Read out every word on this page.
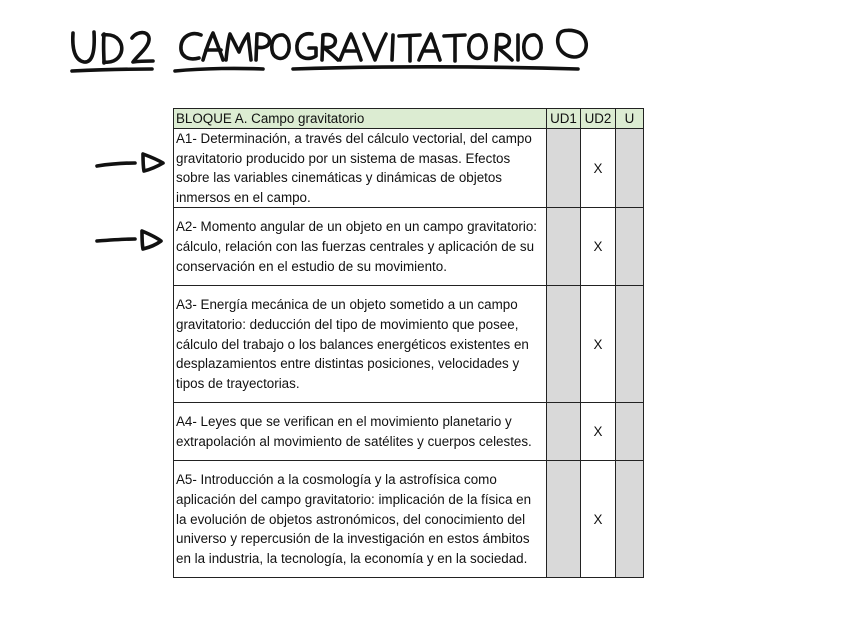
BLOQUE A. Campo gravitatorio	UD1	UD2	U
A1- Determinación, a través del cálculo vectorial, del campo gravitatorio producido por un sistema de masas. Efectos sobre las variables cinemáticas y dinámicas de objetos inmersos en el campo.		X	
A2- Momento angular de un objeto en un campo gravitatorio: cálculo, relación con las fuerzas centrales y aplicación de su conservación en el estudio de su movimiento.		X	
A3- Energía mecánica de un objeto sometido a un campo gravitatorio: deducción del tipo de movimiento que posee, cálculo del trabajo o los balances energéticos existentes en desplazamientos entre distintas posiciones, velocidades y tipos de trayectorias.		X	
A4- Leyes que se verifican en el movimiento planetario y extrapolación al movimiento de satélites y cuerpos celestes.		X	
A5- Introducción a la cosmología y la astrofísica como aplicación del campo gravitatorio: implicación de la física en la evolución de objetos astronómicos, del conocimiento del universo y repercusión de la investigación en estos ámbitos en la industria, la tecnología, la economía y en la sociedad.		X	
